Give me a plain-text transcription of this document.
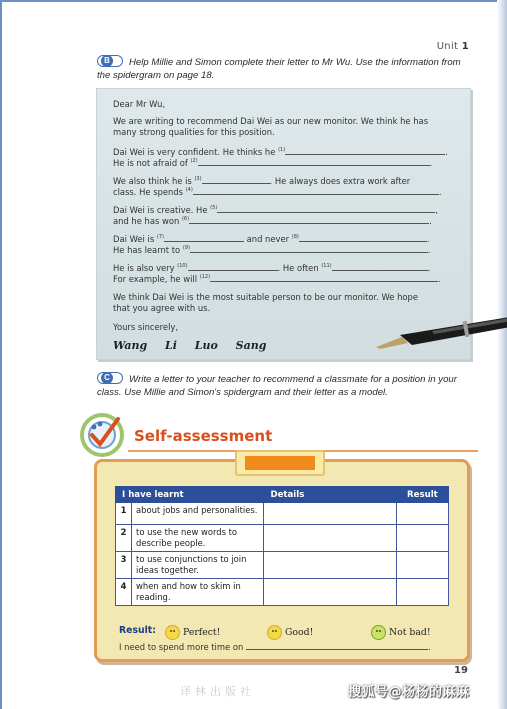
Unit 1
B	Help Millie and Simon complete their letter to Mr Wu. Use the information from the spidergram on page 18.
Dear Mr Wu,
We are writing to recommend Dai Wei as our new monitor. We think he has
many strong qualities for this position.
Dai Wei is very confident. He thinks he $^{(1)}$	.
He is not afraid of $^{(2)}$	.
We also think he is $^{(3)}$	. He always does extra work after
class. He spends $^{(4)}$	.
Dai Wei is creative. He $^{(5)}$	,
and he has won $^{(6)}$	.
Dai Wei is $^{(7)}$	and never $^{(8)}$	.
He has learnt to $^{(9)}$	.
He is also very $^{(10)}$	. He often $^{(11)}$	.
For example, he will $^{(12)}$	.
We think Dai Wei is the most suitable person to be our monitor. We hope
that you agree with us.
Yours sincerely,
Wang Li Luo Sang
C	Write a letter to your teacher to recommend a classmate for a position in your class. Use Millie and Simon's spidergram and their letter as a model.
Self-assessment
I have learnt		Details	Result
1	about jobs and personalities.		
2	to use the new words to describe people.		
3	to use conjunctions to join ideas together.		
4	when and how to skim in reading.		
Result:	Perfect!	Good!	Not bad!
I need to spend more time on	.
19
译林出版社	搜狐号@杨杨的麻麻
